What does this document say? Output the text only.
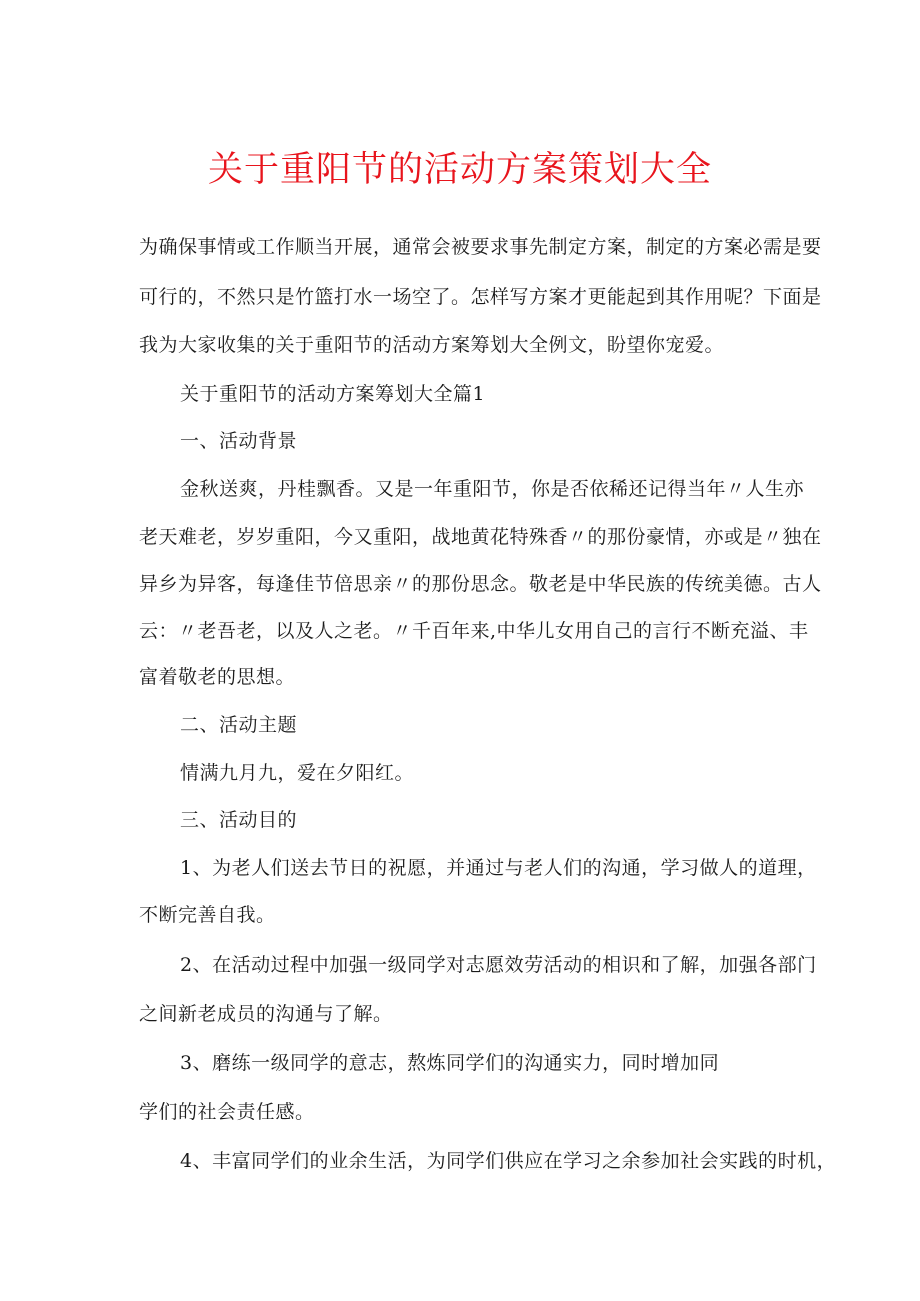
关于重阳节的活动方案策划大全
为确保事情或工作顺当开展，通常会被要求事先制定方案，制定的方案必需是要
可行的，不然只是竹篮打水一场空了。怎样写方案才更能起到其作用呢？下面是
我为大家收集的关于重阳节的活动方案筹划大全例文，盼望你宠爱。
关于重阳节的活动方案筹划大全篇1
一、活动背景
金秋送爽，丹桂飘香。又是一年重阳节，你是否依稀还记得当年〃人生亦
老天难老，岁岁重阳，今又重阳，战地黄花特殊香〃的那份豪情，亦或是〃独在
异乡为异客，每逢佳节倍思亲〃的那份思念。敬老是中华民族的传统美德。古人
云：〃老吾老，以及人之老。〃千百年来,中华儿女用自己的言行不断充溢、丰
富着敬老的思想。
二、活动主题
情满九月九，爱在夕阳红。
三、活动目的
1、为老人们送去节日的祝愿，并通过与老人们的沟通，学习做人的道理，
不断完善自我。
2、在活动过程中加强一级同学对志愿效劳活动的相识和了解，加强各部门
之间新老成员的沟通与了解。
3、磨练一级同学的意志，熬炼同学们的沟通实力，同时增加同
学们的社会责任感。
4、丰富同学们的业余生活，为同学们供应在学习之余参加社会实践的时机，
